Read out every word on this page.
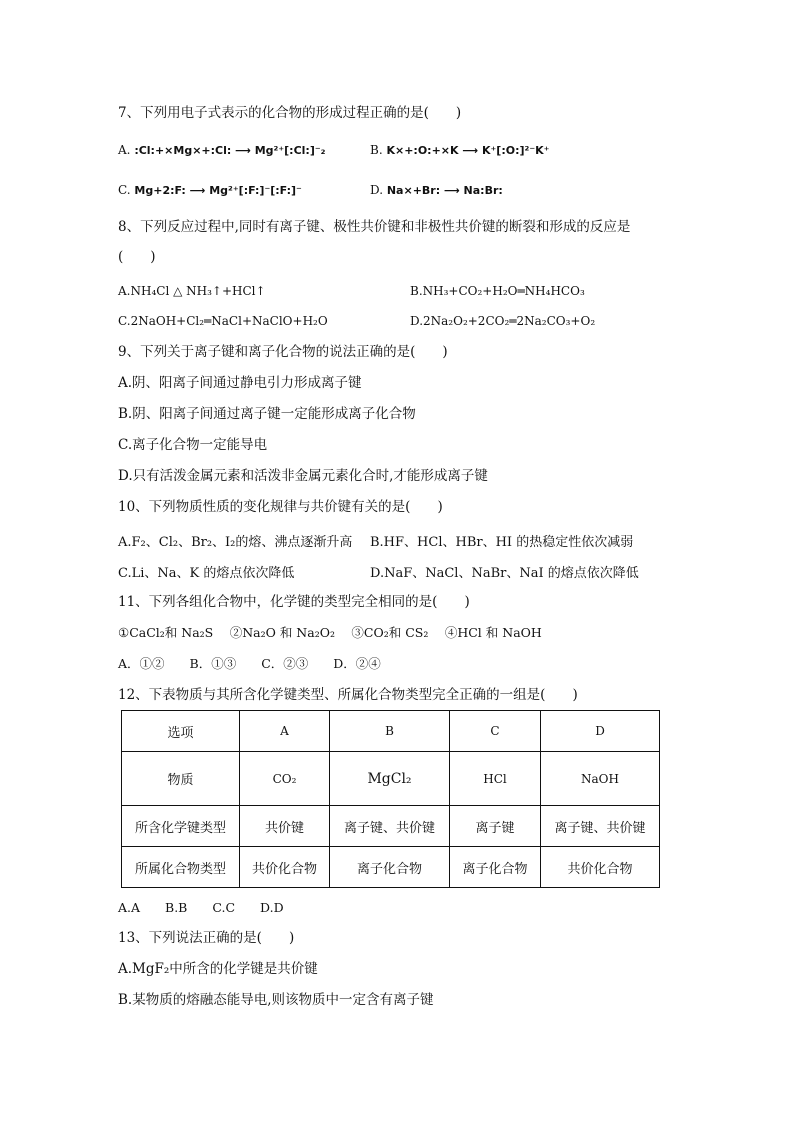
7、下列用电子式表示的化合物的形成过程正确的是(　　)
A. :Cl:+×Mg×+:Cl: ⟶ Mg²⁺[:Cl:]⁻₂	B. K×+:O:+×K ⟶ K⁺[:O:]²⁻K⁺
C. Mg+2:F: ⟶ Mg²⁺[:F:]⁻[:F:]⁻	D. Na×+Br: ⟶ Na:Br:
8、下列反应过程中,同时有离子键、极性共价键和非极性共价键的断裂和形成的反应是
(　　)
A.NH₄Cl △ NH₃↑+HCl↑	B.NH₃+CO₂+H₂O═NH₄HCO₃
C.2NaOH+Cl₂═NaCl+NaClO+H₂O	D.2Na₂O₂+2CO₂═2Na₂CO₃+O₂
9、下列关于离子键和离子化合物的说法正确的是(　　)
A.阴、阳离子间通过静电引力形成离子键
B.阴、阳离子间通过离子键一定能形成离子化合物
C.离子化合物一定能导电
D.只有活泼金属元素和活泼非金属元素化合时,才能形成离子键
10、下列物质性质的变化规律与共价键有关的是(　　)
A.F₂、Cl₂、Br₂、I₂的熔、沸点逐渐升高 B.HF、HCl、HBr、HI 的热稳定性依次减弱
C.Li、Na、K 的熔点依次降低	D.NaF、NaCl、NaBr、NaI 的熔点依次降低
11、下列各组化合物中，化学键的类型完全相同的是(　　)
①CaCl₂和 Na₂S　 ②Na₂O 和 Na₂O₂　 ③CO₂和 CS₂　 ④HCl 和 NaOH
A．①②　　B．①③　　C．②③　　D．②④
12、下表物质与其所含化学键类型、所属化合物类型完全正确的一组是(　　)
选项	A	B	C	D
物质	CO₂	MgCl₂	HCl	NaOH
所含化学键类型	共价键	离子键、共价键	离子键	离子键、共价键
所属化合物类型	共价化合物	离子化合物	离子化合物	共价化合物
A.A　　B.B　　C.C　　D.D
13、下列说法正确的是(　　)
A.MgF₂中所含的化学键是共价键
B.某物质的熔融态能导电,则该物质中一定含有离子键
